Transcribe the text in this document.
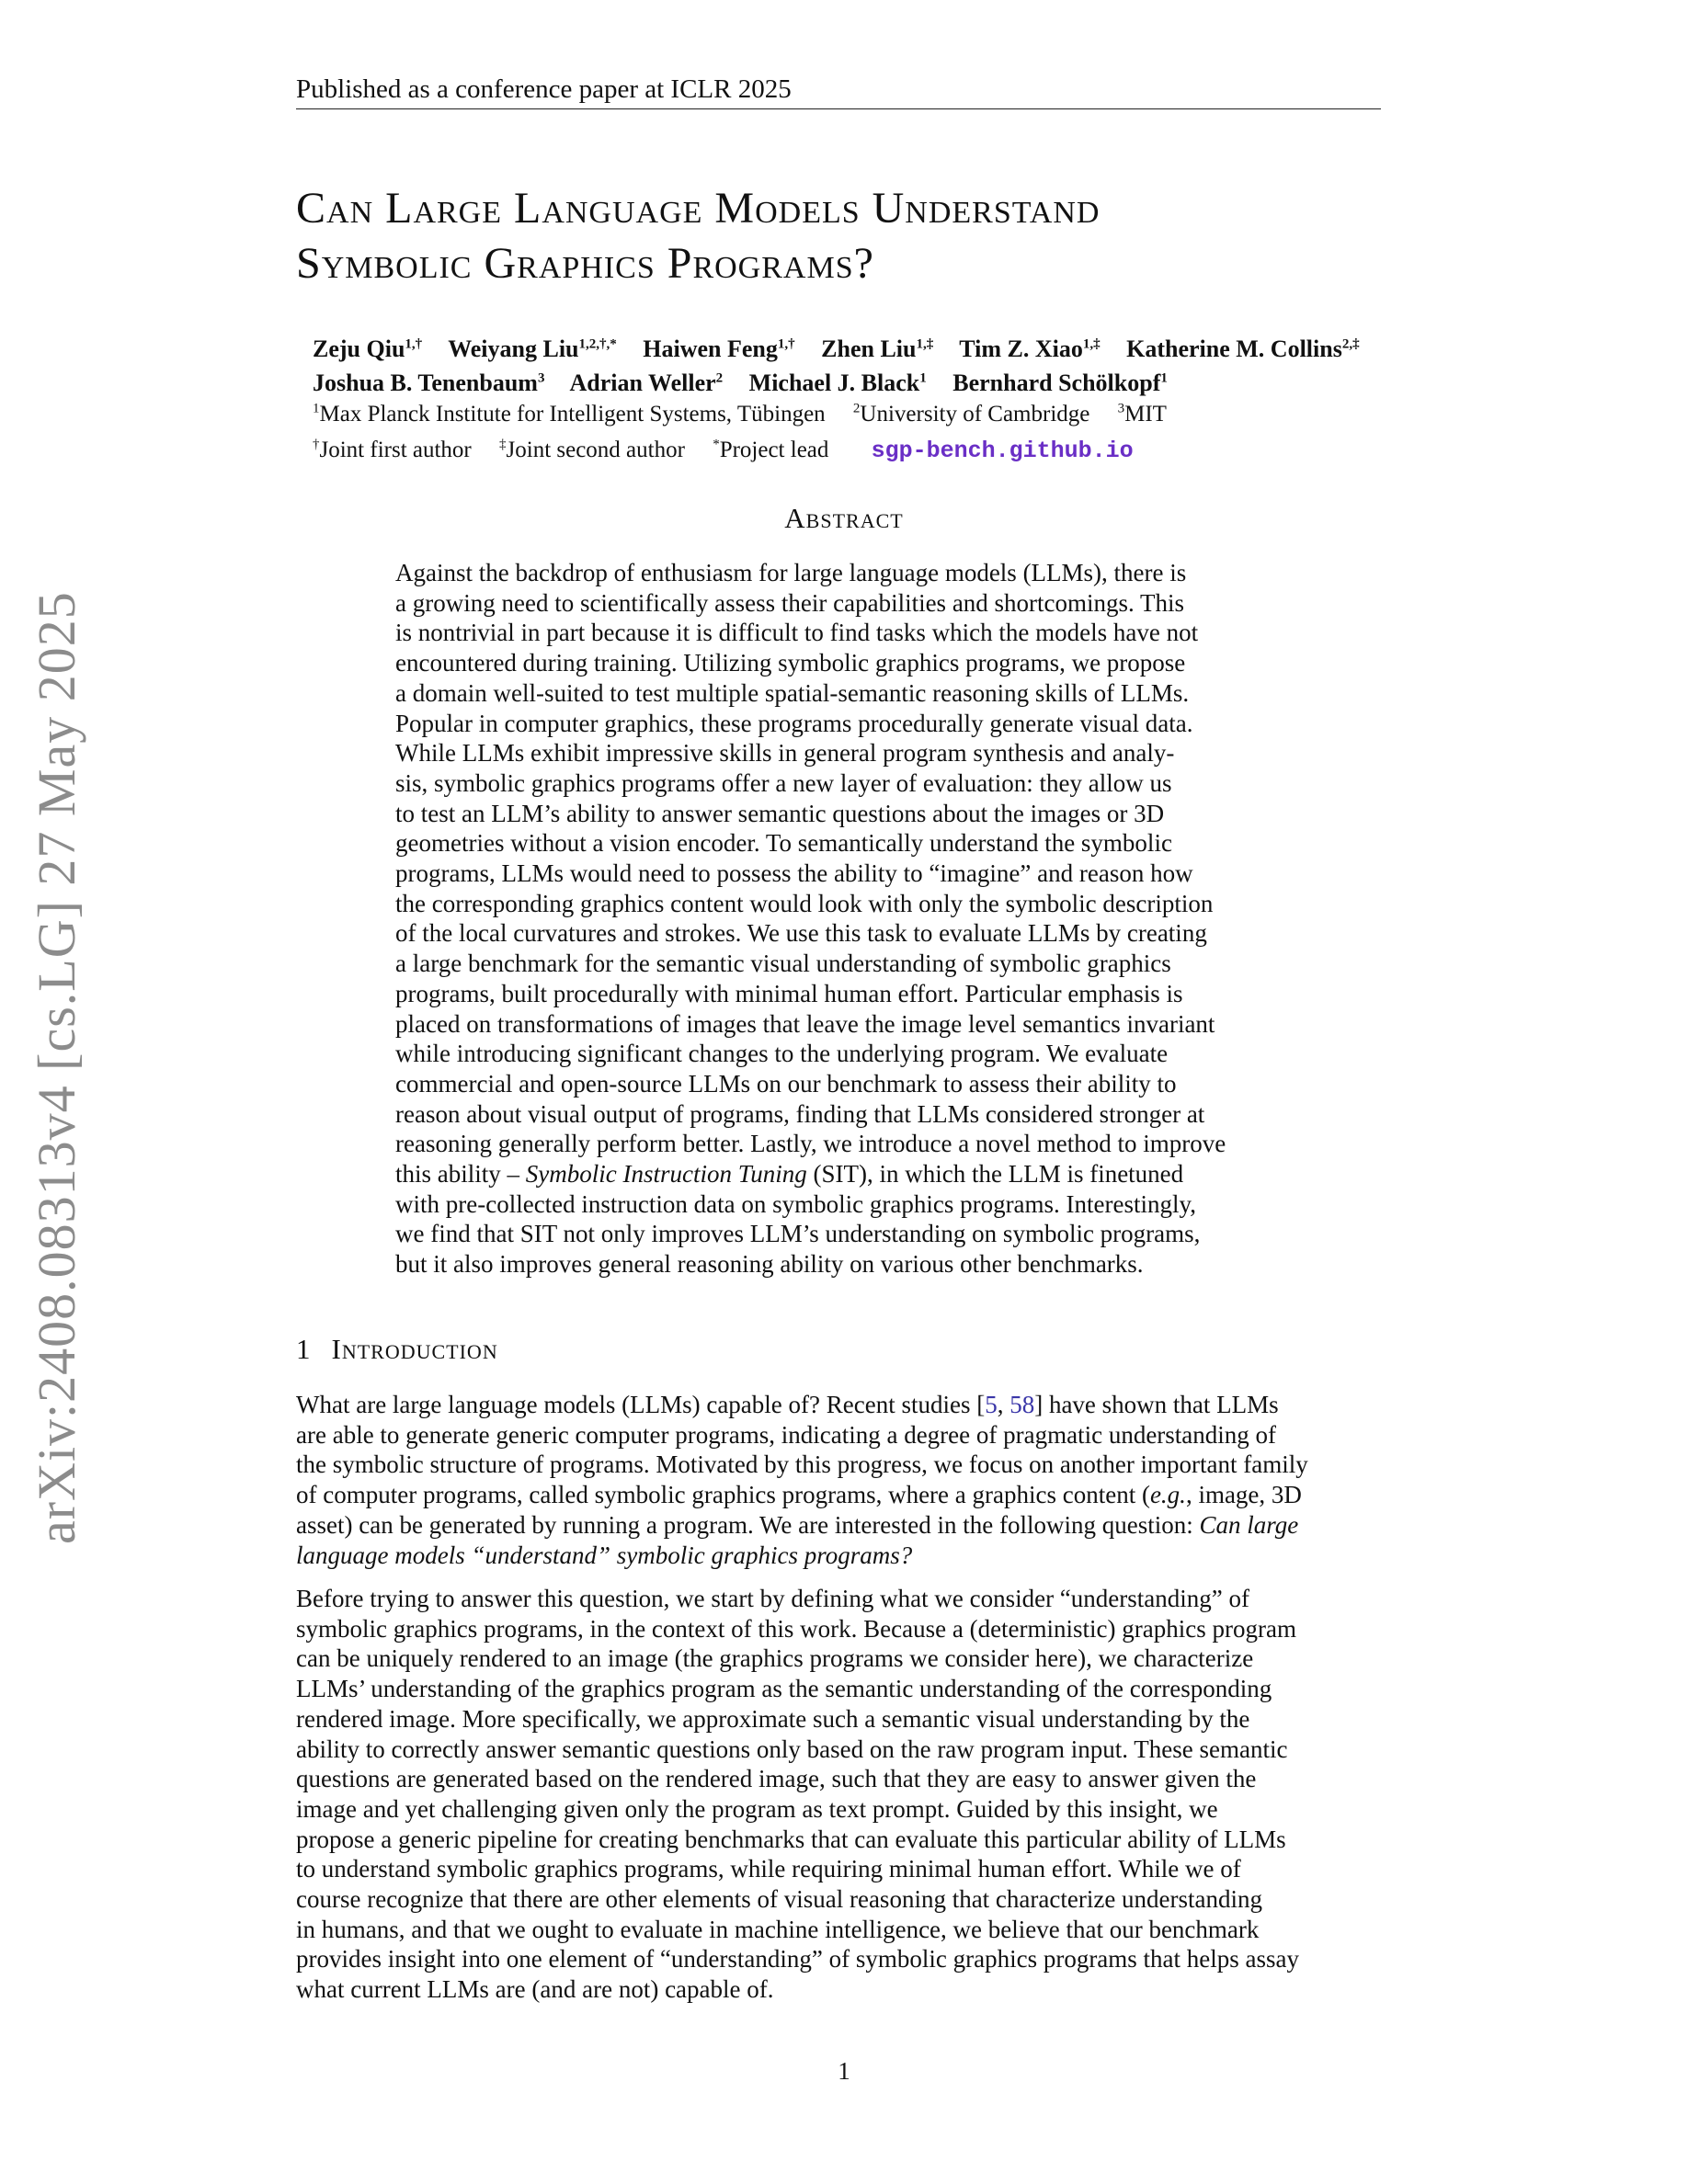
Published as a conference paper at ICLR 2025
arXiv:2408.08313v4 [cs.LG] 27 May 2025
Can Large Language Models Understand
Symbolic Graphics Programs?
Zeju Qiu$^{1,\dagger}$ Weiyang Liu$^{1,2,\dagger,*}$ Haiwen Feng$^{1,\dagger}$ Zhen Liu$^{1,\ddagger}$ Tim Z. Xiao$^{1,\ddagger}$ Katherine M. Collins$^{2,\ddagger}$
Joshua B. Tenenbaum$^3$ Adrian Weller$^2$ Michael J. Black$^1$ Bernhard Schölkopf$^1$
$^1$Max Planck Institute for Intelligent Systems, Tübingen $^2$University of Cambridge $^3$MIT
†Joint first author ‡Joint second author *Project lead sgp-bench.github.io
Abstract
Against the backdrop of enthusiasm for large language models (LLMs), there is
a growing need to scientifically assess their capabilities and shortcomings. This
is nontrivial in part because it is difficult to find tasks which the models have not
encountered during training. Utilizing symbolic graphics programs, we propose
a domain well-suited to test multiple spatial-semantic reasoning skills of LLMs.
Popular in computer graphics, these programs procedurally generate visual data.
While LLMs exhibit impressive skills in general program synthesis and analy-
sis, symbolic graphics programs offer a new layer of evaluation: they allow us
to test an LLM’s ability to answer semantic questions about the images or 3D
geometries without a vision encoder. To semantically understand the symbolic
programs, LLMs would need to possess the ability to “imagine” and reason how
the corresponding graphics content would look with only the symbolic description
of the local curvatures and strokes. We use this task to evaluate LLMs by creating
a large benchmark for the semantic visual understanding of symbolic graphics
programs, built procedurally with minimal human effort. Particular emphasis is
placed on transformations of images that leave the image level semantics invariant
while introducing significant changes to the underlying program. We evaluate
commercial and open-source LLMs on our benchmark to assess their ability to
reason about visual output of programs, finding that LLMs considered stronger at
reasoning generally perform better. Lastly, we introduce a novel method to improve
this ability – Symbolic Instruction Tuning (SIT), in which the LLM is finetuned
with pre-collected instruction data on symbolic graphics programs. Interestingly,
we find that SIT not only improves LLM’s understanding on symbolic programs,
but it also improves general reasoning ability on various other benchmarks.
1 Introduction
What are large language models (LLMs) capable of? Recent studies [5, 58] have shown that LLMs
are able to generate generic computer programs, indicating a degree of pragmatic understanding of
the symbolic structure of programs. Motivated by this progress, we focus on another important family
of computer programs, called symbolic graphics programs, where a graphics content (e.g., image, 3D
asset) can be generated by running a program. We are interested in the following question: Can large
language models “understand” symbolic graphics programs?
Before trying to answer this question, we start by defining what we consider “understanding” of
symbolic graphics programs, in the context of this work. Because a (deterministic) graphics program
can be uniquely rendered to an image (the graphics programs we consider here), we characterize
LLMs’ understanding of the graphics program as the semantic understanding of the corresponding
rendered image. More specifically, we approximate such a semantic visual understanding by the
ability to correctly answer semantic questions only based on the raw program input. These semantic
questions are generated based on the rendered image, such that they are easy to answer given the
image and yet challenging given only the program as text prompt. Guided by this insight, we
propose a generic pipeline for creating benchmarks that can evaluate this particular ability of LLMs
to understand symbolic graphics programs, while requiring minimal human effort. While we of
course recognize that there are other elements of visual reasoning that characterize understanding
in humans, and that we ought to evaluate in machine intelligence, we believe that our benchmark
provides insight into one element of “understanding” of symbolic graphics programs that helps assay
what current LLMs are (and are not) capable of.
1
